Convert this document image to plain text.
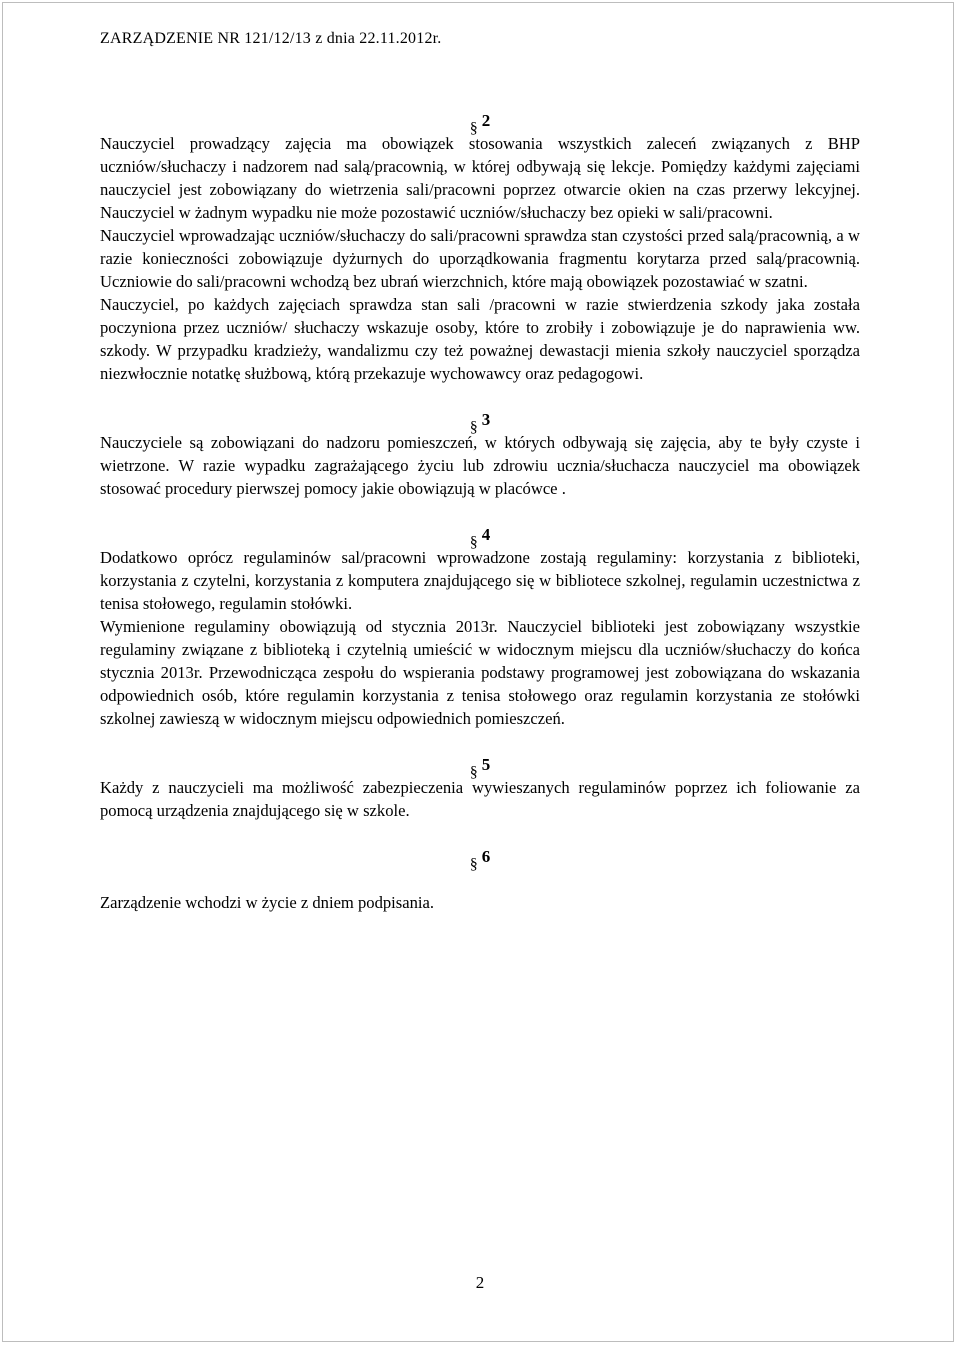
ZARZĄDZENIE NR 121/12/13 z dnia 22.11.2012r.

§ 2

Nauczyciel prowadzący zajęcia ma obowiązek stosowania wszystkich zaleceń związanych z BHP uczniów/słuchaczy i nadzorem nad salą/pracownią, w której odbywają się lekcje. Pomiędzy każdymi zajęciami nauczyciel jest zobowiązany do wietrzenia sali/pracowni poprzez otwarcie okien na czas przerwy lekcyjnej. Nauczyciel w żadnym wypadku nie może pozostawić uczniów/słuchaczy bez opieki w sali/pracowni.

Nauczyciel wprowadzając uczniów/słuchaczy do sali/pracowni sprawdza stan czystości przed salą/pracownią, a w razie konieczności zobowiązuje dyżurnych do uporządkowania fragmentu korytarza przed salą/pracownią. Uczniowie do sali/pracowni wchodzą bez ubrań wierzchnich, które mają obowiązek pozostawiać w szatni.

Nauczyciel, po każdych zajęciach sprawdza stan sali /pracowni w razie stwierdzenia szkody jaka została poczyniona przez uczniów/ słuchaczy wskazuje osoby, które to zrobiły i zobowiązuje je do naprawienia ww. szkody. W przypadku kradzieży, wandalizmu czy też poważnej dewastacji mienia szkoły nauczyciel sporządza niezwłocznie notatkę służbową, którą przekazuje wychowawcy oraz pedagogowi.

§ 3

Nauczyciele są zobowiązani do nadzoru pomieszczeń, w których odbywają się zajęcia, aby te były czyste i wietrzone. W razie wypadku zagrażającego życiu lub zdrowiu ucznia/słuchacza nauczyciel ma obowiązek stosować procedury pierwszej pomocy jakie obowiązują w placówce .

§ 4

Dodatkowo oprócz regulaminów sal/pracowni wprowadzone zostają regulaminy: korzystania z biblioteki, korzystania z czytelni, korzystania z komputera znajdującego się w bibliotece szkolnej, regulamin uczestnictwa z tenisa stołowego, regulamin stołówki.

Wymienione regulaminy obowiązują od stycznia 2013r. Nauczyciel biblioteki jest zobowiązany wszystkie regulaminy związane z biblioteką i czytelnią umieścić w widocznym miejscu dla uczniów/słuchaczy do końca stycznia 2013r. Przewodnicząca zespołu do wspierania podstawy programowej jest zobowiązana do wskazania odpowiednich osób, które regulamin korzystania z tenisa stołowego oraz regulamin korzystania ze stołówki szkolnej zawieszą w widocznym miejscu odpowiednich pomieszczeń.

§ 5

Każdy z nauczycieli ma możliwość zabezpieczenia wywieszanych regulaminów poprzez ich foliowanie za pomocą urządzenia znajdującego się w szkole.

§ 6

Zarządzenie wchodzi w życie z dniem podpisania.

2
